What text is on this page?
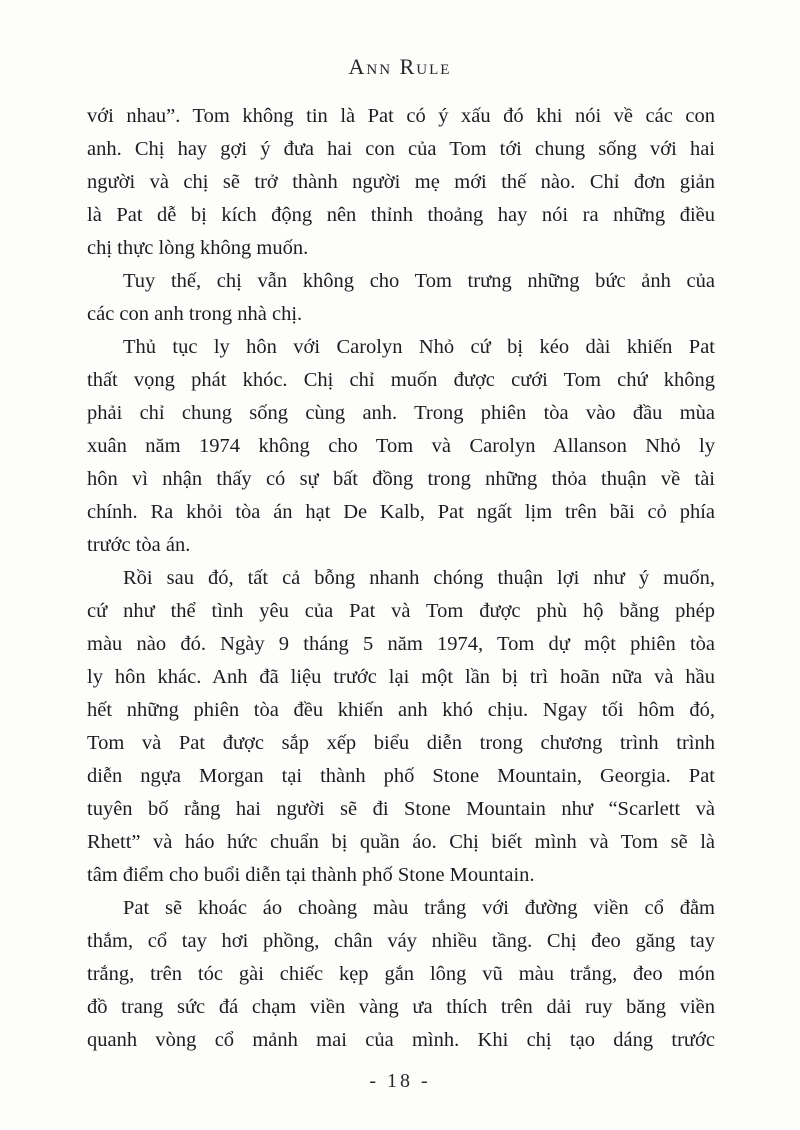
Ann Rule

với nhau”. Tom không tin là Pat có ý xấu đó khi nói về các con
anh. Chị hay gợi ý đưa hai con của Tom tới chung sống với hai
người và chị sẽ trở thành người mẹ mới thế nào. Chỉ đơn giản
là Pat dễ bị kích động nên thỉnh thoảng hay nói ra những điều
chị thực lòng không muốn.

Tuy thế, chị vẫn không cho Tom trưng những bức ảnh của
các con anh trong nhà chị.

Thủ tục ly hôn với Carolyn Nhỏ cứ bị kéo dài khiến Pat
thất vọng phát khóc. Chị chỉ muốn được cưới Tom chứ không
phải chỉ chung sống cùng anh. Trong phiên tòa vào đầu mùa
xuân năm 1974 không cho Tom và Carolyn Allanson Nhỏ ly
hôn vì nhận thấy có sự bất đồng trong những thỏa thuận về tài
chính. Ra khỏi tòa án hạt De Kalb, Pat ngất lịm trên bãi cỏ phía
trước tòa án.

Rồi sau đó, tất cả bỗng nhanh chóng thuận lợi như ý muốn,
cứ như thể tình yêu của Pat và Tom được phù hộ bằng phép
màu nào đó. Ngày 9 tháng 5 năm 1974, Tom dự một phiên tòa
ly hôn khác. Anh đã liệu trước lại một lần bị trì hoãn nữa và hầu
hết những phiên tòa đều khiến anh khó chịu. Ngay tối hôm đó,
Tom và Pat được sắp xếp biểu diễn trong chương trình trình
diễn ngựa Morgan tại thành phố Stone Mountain, Georgia. Pat
tuyên bố rằng hai người sẽ đi Stone Mountain như “Scarlett và
Rhett” và háo hức chuẩn bị quần áo. Chị biết mình và Tom sẽ là
tâm điểm cho buổi diễn tại thành phố Stone Mountain.

Pat sẽ khoác áo choàng màu trắng với đường viền cổ đằm
thắm, cổ tay hơi phồng, chân váy nhiều tầng. Chị đeo găng tay
trắng, trên tóc gài chiếc kẹp gắn lông vũ màu trắng, đeo món
đồ trang sức đá chạm viền vàng ưa thích trên dải ruy băng viền
quanh vòng cổ mảnh mai của mình. Khi chị tạo dáng trước

- 18 -
